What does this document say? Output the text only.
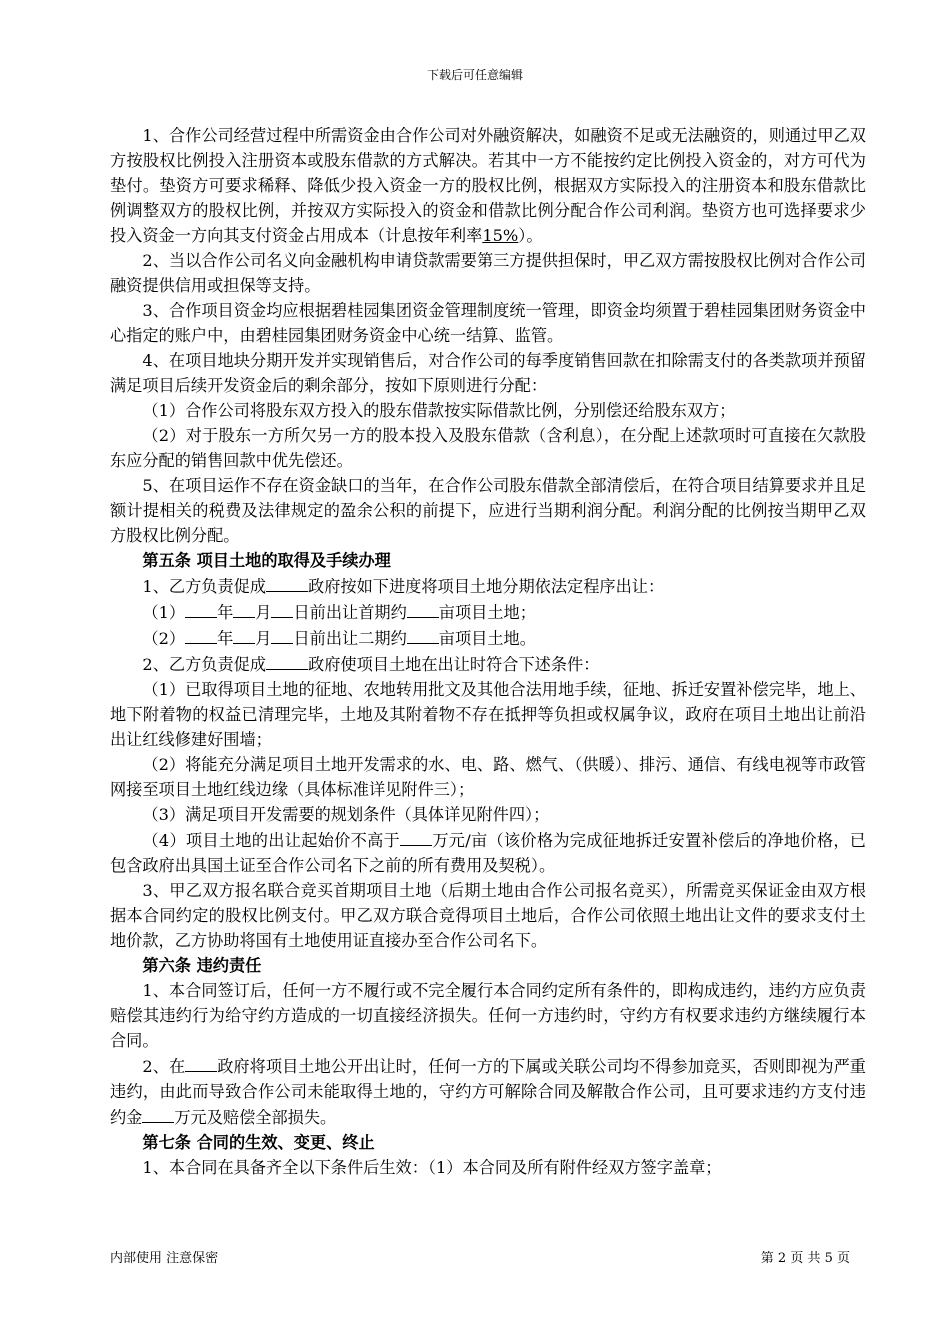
下载后可任意编辑

1、合作公司经营过程中所需资金由合作公司对外融资解决，如融资不足或无法融资的，则通过甲乙双方按股权比例投入注册资本或股东借款的方式解决。若其中一方不能按约定比例投入资金的，对方可代为垫付。垫资方可要求稀释、降低少投入资金一方的股权比例，根据双方实际投入的注册资本和股东借款比例调整双方的股权比例，并按双方实际投入的资金和借款比例分配合作公司利润。垫资方也可选择要求少投入资金一方向其支付资金占用成本（计息按年利率15%）。

2、当以合作公司名义向金融机构申请贷款需要第三方提供担保时，甲乙双方需按股权比例对合作公司融资提供信用或担保等支持。

3、合作项目资金均应根据碧桂园集团资金管理制度统一管理，即资金均须置于碧桂园集团财务资金中心指定的账户中，由碧桂园集团财务资金中心统一结算、监管。

4、在项目地块分期开发并实现销售后，对合作公司的每季度销售回款在扣除需支付的各类款项并预留满足项目后续开发资金后的剩余部分，按如下原则进行分配：

（1）合作公司将股东双方投入的股东借款按实际借款比例，分别偿还给股东双方；

（2）对于股东一方所欠另一方的股本投入及股东借款（含利息），在分配上述款项时可直接在欠款股东应分配的销售回款中优先偿还。

5、在项目运作不存在资金缺口的当年，在合作公司股东借款全部清偿后，在符合项目结算要求并且足额计提相关的税费及法律规定的盈余公积的前提下，应进行当期利润分配。利润分配的比例按当期甲乙双方股权比例分配。

第五条 项目土地的取得及手续办理

1、乙方负责促成	政府按如下进度将项目土地分期依法定程序出让：

（1） 年 月 日前出让首期约 亩项目土地；

（2） 年 月 日前出让二期约 亩项目土地。

2、乙方负责促成	政府使项目土地在出让时符合下述条件：

（1）已取得项目土地的征地、农地转用批文及其他合法用地手续，征地、拆迁安置补偿完毕，地上、地下附着物的权益已清理完毕，土地及其附着物不存在抵押等负担或权属争议，政府在项目土地出让前沿出让红线修建好围墙；

（2）将能充分满足项目土地开发需求的水、电、路、燃气、（供暖）、排污、通信、有线电视等市政管网接至项目土地红线边缘（具体标准详见附件三）；

（3）满足项目开发需要的规划条件（具体详见附件四）；

（4）项目土地的出让起始价不高于 万元/亩（该价格为完成征地拆迁安置补偿后的净地价格，已包含政府出具国土证至合作公司名下之前的所有费用及契税）。

3、甲乙双方报名联合竞买首期项目土地（后期土地由合作公司报名竞买），所需竞买保证金由双方根据本合同约定的股权比例支付。甲乙双方联合竞得项目土地后，合作公司依照土地出让文件的要求支付土地价款，乙方协助将国有土地使用证直接办至合作公司名下。

第六条 违约责任

1、本合同签订后，任何一方不履行或不完全履行本合同约定所有条件的，即构成违约，违约方应负责赔偿其违约行为给守约方造成的一切直接经济损失。任何一方违约时，守约方有权要求违约方继续履行本合同。

2、在 政府将项目土地公开出让时，任何一方的下属或关联公司均不得参加竞买，否则即视为严重违约，由此而导致合作公司未能取得土地的，守约方可解除合同及解散合作公司，且可要求违约方支付违约金 万元及赔偿全部损失。

第七条 合同的生效、变更、终止

1、本合同在具备齐全以下条件后生效：（1）本合同及所有附件经双方签字盖章；

内部使用 注意保密	第 2 页 共 5 页
